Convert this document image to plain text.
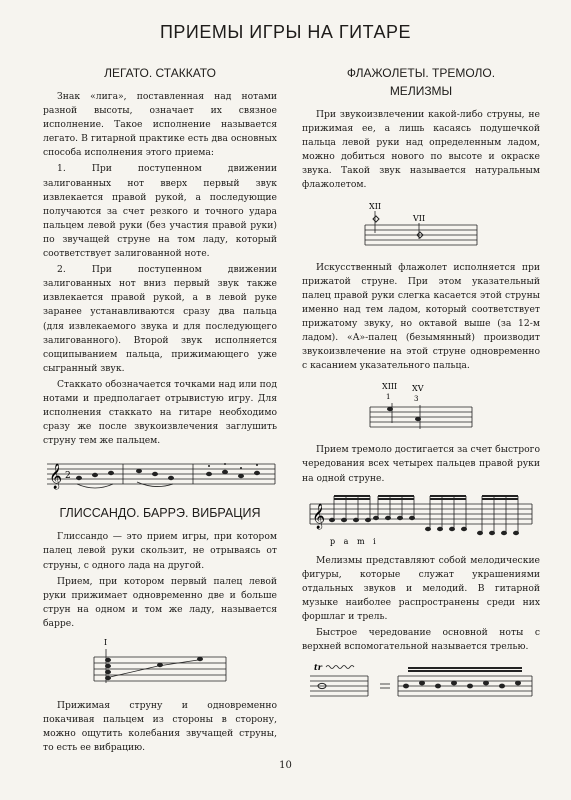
ПРИЕМЫ ИГРЫ НА ГИТАРЕ
ЛЕГАТО. СТАККАТО

Знак «лига», поставленная над нотами разной высоты, означает их связное исполнение. Такое исполнение называется легато. В гитарной практике есть два основных способа исполнения этого приема:

1. При поступенном движении залигованных нот вверх первый звук извлекается правой рукой, а последующие получаются за счет резкого и точного удара пальцем левой руки (без участия правой руки) по звучащей струне на том ладу, который соответствует залигованной ноте.

2. При поступенном движении залигованных нот вниз первый звук также извлекается правой рукой, а в левой руке заранее устанавливаются сразу два пальца (для извлекаемого звука и для последующего залигованного). Второй звук исполняется сощипыванием пальца, прижимающего уже сыгранный звук.

Стаккато обозначается точками над или под нотами и предполагает отрывистую игру. Для исполнения стаккато на гитаре необходимо сразу же после звукоизвлечения заглушить струну тем же пальцем.

𝄞 2
ГЛИССАНДО. БАРРЭ. ВИБРАЦИЯ

Глиссандо — это прием игры, при котором палец левой руки скользит, не отрываясь от струны, с одного лада на другой.

Прием, при котором первый палец левой руки прижимает одновременно две и больше струн на одном и том же ладу, называется барре.

I

Прижимая струну и одновременно покачивая пальцем из стороны в сторону, можно ощутить колебания звучащей струны, то есть ее вибрацию.

ФЛАЖОЛЕТЫ. ТРЕМОЛО.
МЕЛИЗМЫ

При звукоизвлечении какой-либо струны, не прижимая ее, а лишь касаясь подушечкой пальца левой руки над определенным ладом, можно добиться нового по высоте и окраске звука. Такой звук называется натуральным флажолетом.

XII
VII

Искусственный флажолет исполняется при прижатой струне. При этом указательный палец правой руки слегка касается этой струны именно над тем ладом, который соответствует прижатому звуку, но октавой выше (за 12-м ладом). «А»-палец (безымянный) производит звукоизвлечение на этой струне одновременно с касанием указательного пальца.

XIII XV
1	3

Прием тремоло достигается за счет быстрого чередования всех четырех пальцев правой руки на одной струне.

𝄞
p a m i

Мелизмы представляют собой мелодические фигуры, которые служат украшениями отдальных звуков и мелодий. В гитарной музыке наиболее распространены среди них форшлаг и трель.

Быстрое чередование основной ноты с верхней вспомогательной называется трелью.

tr
10
